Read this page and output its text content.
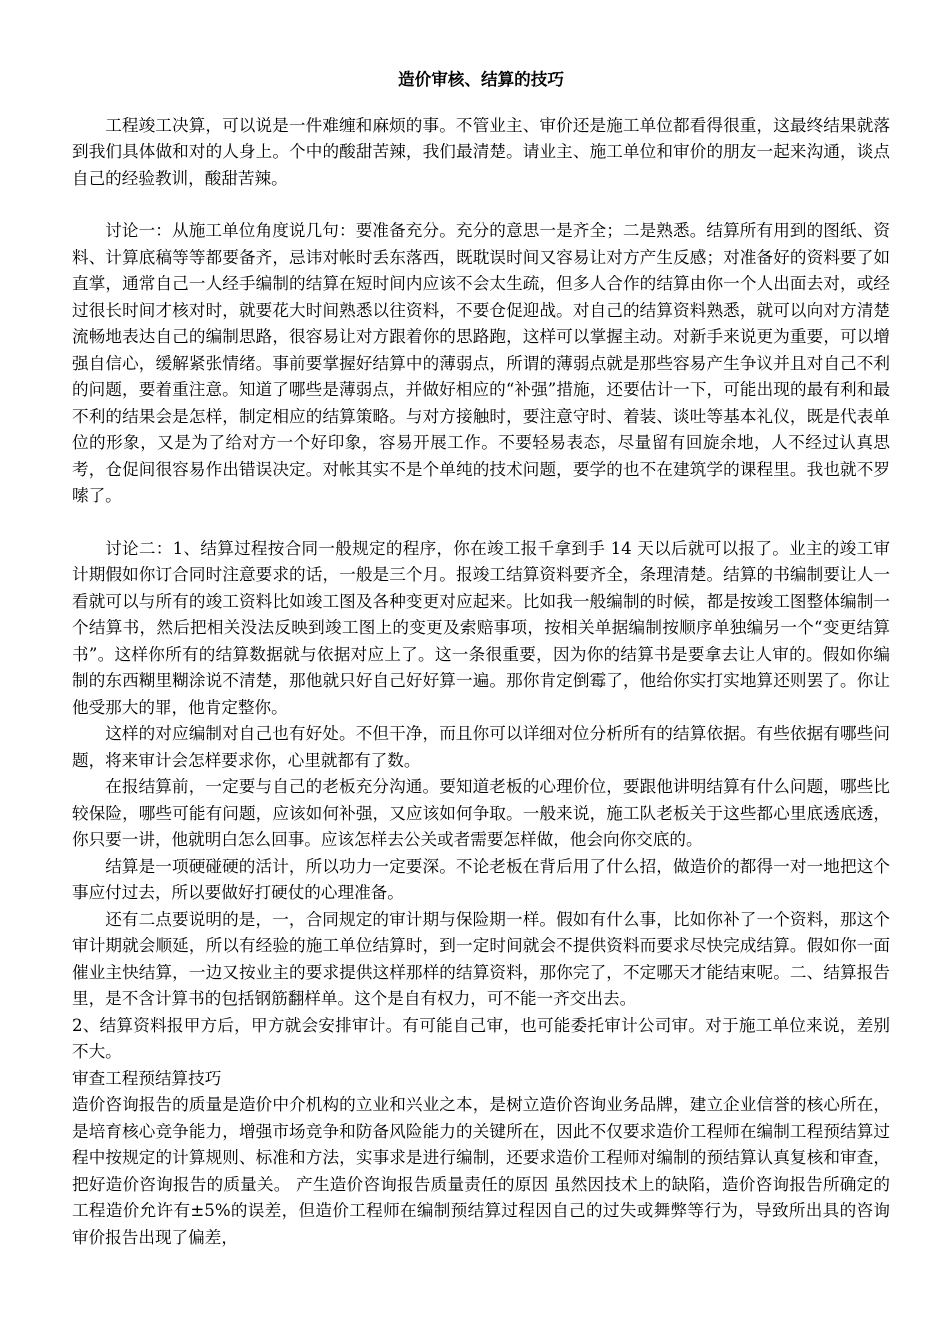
造价审核、结算的技巧

工程竣工决算，可以说是一件难缠和麻烦的事。不管业主、审价还是施工单位都看得很重，这最终结果就落到我们具体做和对的人身上。个中的酸甜苦辣，我们最清楚。请业主、施工单位和审价的朋友一起来沟通，谈点自己的经验教训，酸甜苦辣。

讨论一：从施工单位角度说几句：要准备充分。充分的意思一是齐全；二是熟悉。结算所有用到的图纸、资料、计算底稿等等都要备齐，忌讳对帐时丢东落西，既耽误时间又容易让对方产生反感；对准备好的资料要了如直掌，通常自己一人经手编制的结算在短时间内应该不会太生疏，但多人合作的结算由你一个人出面去对，或经过很长时间才核对时，就要花大时间熟悉以往资料，不要仓促迎战。对自己的结算资料熟悉，就可以向对方清楚流畅地表达自己的编制思路，很容易让对方跟着你的思路跑，这样可以掌握主动。对新手来说更为重要，可以增强自信心，缓解紧张情绪。事前要掌握好结算中的薄弱点，所谓的薄弱点就是那些容易产生争议并且对自己不利的问题，要着重注意。知道了哪些是薄弱点，并做好相应的“补强”措施，还要估计一下，可能出现的最有利和最不利的结果会是怎样，制定相应的结算策略。与对方接触时，要注意守时、着装、谈吐等基本礼仪，既是代表单位的形象，又是为了给对方一个好印象，容易开展工作。不要轻易表态，尽量留有回旋余地，人不经过认真思考，仓促间很容易作出错误决定。对帐其实不是个单纯的技术问题，要学的也不在建筑学的课程里。我也就不罗嗦了。

讨论二：1、结算过程按合同一般规定的程序，你在竣工报千拿到手 14 天以后就可以报了。业主的竣工审计期假如你订合同时注意要求的话，一般是三个月。报竣工结算资料要齐全，条理清楚。结算的书编制要让人一看就可以与所有的竣工资料比如竣工图及各种变更对应起来。比如我一般编制的时候，都是按竣工图整体编制一个结算书，然后把相关没法反映到竣工图上的变更及索赔事项，按相关单据编制按顺序单独编另一个“变更结算书”。这样你所有的结算数据就与依据对应上了。这一条很重要，因为你的结算书是要拿去让人审的。假如你编制的东西糊里糊涂说不清楚，那他就只好自己好好算一遍。那你肯定倒霉了，他给你实打实地算还则罢了。你让他受那大的罪，他肯定整你。

这样的对应编制对自己也有好处。不但干净，而且你可以详细对位分析所有的结算依据。有些依据有哪些问题，将来审计会怎样要求你，心里就都有了数。

在报结算前，一定要与自己的老板充分沟通。要知道老板的心理价位，要跟他讲明结算有什么问题，哪些比较保险，哪些可能有问题，应该如何补强，又应该如何争取。一般来说，施工队老板关于这些都心里底透底透，你只要一讲，他就明白怎么回事。应该怎样去公关或者需要怎样做，他会向你交底的。

结算是一项硬碰硬的活计，所以功力一定要深。不论老板在背后用了什么招，做造价的都得一对一地把这个事应付过去，所以要做好打硬仗的心理准备。

还有二点要说明的是，一，合同规定的审计期与保险期一样。假如有什么事，比如你补了一个资料，那这个审计期就会顺延，所以有经验的施工单位结算时，到一定时间就会不提供资料而要求尽快完成结算。假如你一面催业主快结算，一边又按业主的要求提供这样那样的结算资料，那你完了，不定哪天才能结束呢。二、结算报告里，是不含计算书的包括钢筋翻样单。这个是自有权力，可不能一齐交出去。

2、结算资料报甲方后，甲方就会安排审计。有可能自己审，也可能委托审计公司审。对于施工单位来说，差别不大。

审查工程预结算技巧

造价咨询报告的质量是造价中介机构的立业和兴业之本，是树立造价咨询业务品牌，建立企业信誉的核心所在，是培育核心竞争能力，增强市场竞争和防备风险能力的关键所在，因此不仅要求造价工程师在编制工程预结算过程中按规定的计算规则、标准和方法，实事求是进行编制，还要求造价工程师对编制的预结算认真复核和审查，把好造价咨询报告的质量关。 产生造价咨询报告质量责任的原因 虽然因技术上的缺陷，造价咨询报告所确定的工程造价允许有±5%的误差，但造价工程师在编制预结算过程因自己的过失或舞弊等行为，导致所出具的咨询审价报告出现了偏差，
